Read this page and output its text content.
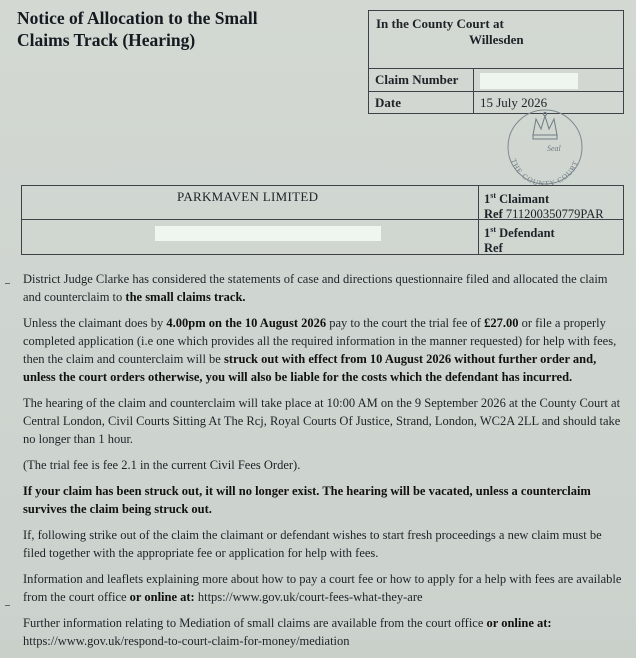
Notice of Allocation to the Small
Claims Track (Hearing)
In the County Court at
Willesden
Claim Number
Date	15 July 2026
Seal
THE COUNTY COURT
PARKMAVEN LIMITED	1st Claimant
Ref 711200350779PAR
1st Defendant
Ref

District Judge Clarke has considered the statements of case and directions questionnaire filed and allocated the claim and counterclaim to the small claims track.

Unless the claimant does by 4.00pm on the 10 August 2026 pay to the court the trial fee of £27.00 or file a properly completed application (i.e one which provides all the required information in the manner requested) for help with fees, then the claim and counterclaim will be struck out with effect from 10 August 2026 without further order and, unless the court orders otherwise, you will also be liable for the costs which the defendant has incurred.

The hearing of the claim and counterclaim will take place at 10:00 AM on the 9 September 2026 at the County Court at Central London, Civil Courts Sitting At The Rcj, Royal Courts Of Justice, Strand, London, WC2A 2LL and should take no longer than 1 hour.

(The trial fee is fee 2.1 in the current Civil Fees Order).

If your claim has been struck out, it will no longer exist. The hearing will be vacated, unless a counterclaim survives the claim being struck out.

If, following strike out of the claim the claimant or defendant wishes to start fresh proceedings a new claim must be filed together with the appropriate fee or application for help with fees.

Information and leaflets explaining more about how to pay a court fee or how to apply for a help with fees are available from the court office or online at: https://www.gov.uk/court-fees-what-they-are

Further information relating to Mediation of small claims are available from the court office or online at: https://www.gov.uk/respond-to-court-claim-for-money/mediation
